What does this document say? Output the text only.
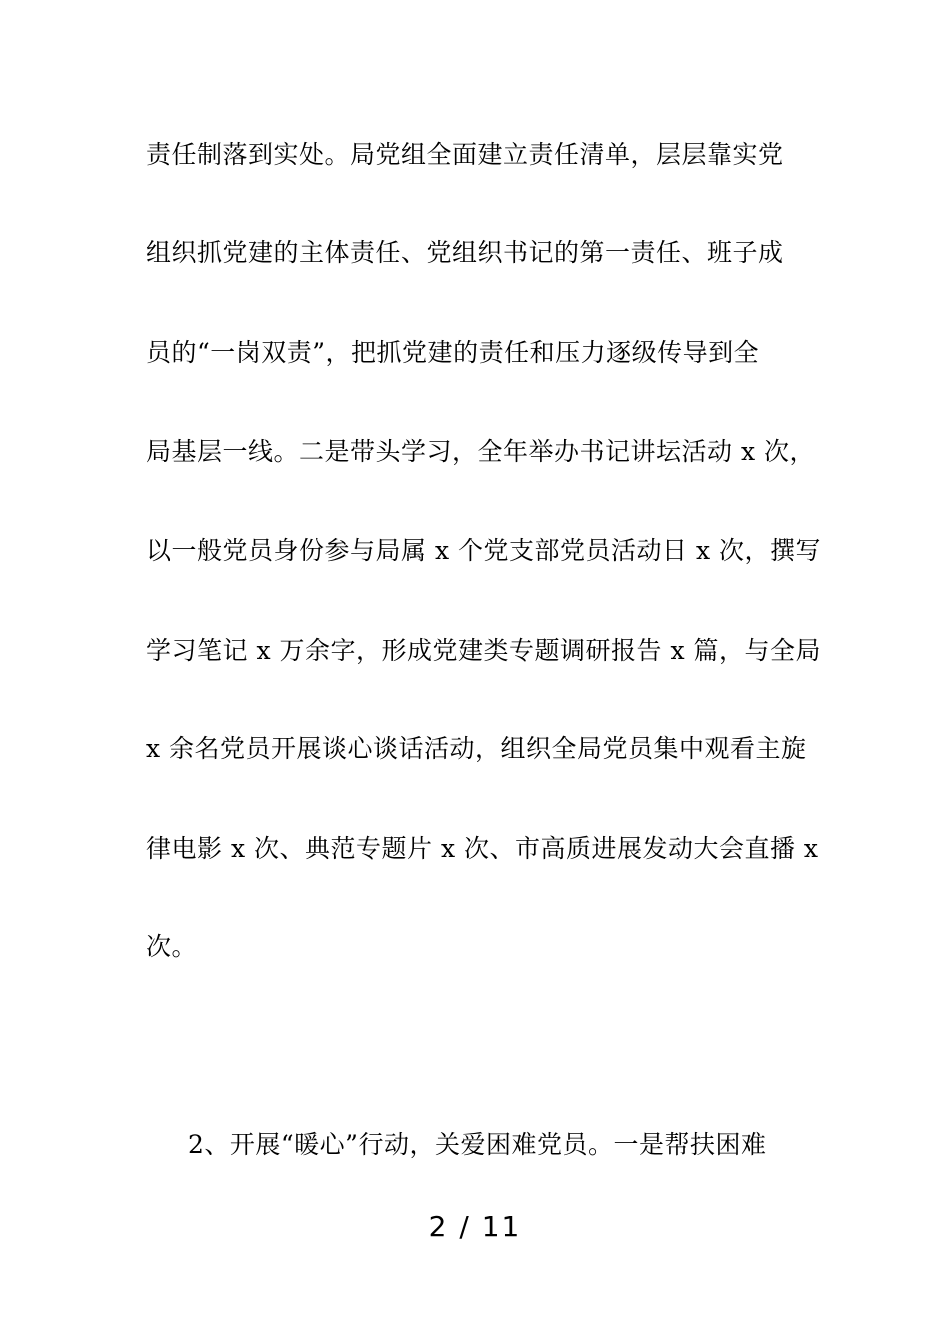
责任制落到实处。局党组全面建立责任清单，层层靠实党
组织抓党建的主体责任、党组织书记的第一责任、班子成
员的“一岗双责”，把抓党建的责任和压力逐级传导到全
局基层一线。二是带头学习，全年举办书记讲坛活动 x 次，
以一般党员身份参与局属 x 个党支部党员活动日 x 次，撰写
学习笔记 x 万余字，形成党建类专题调研报告 x 篇，与全局
x 余名党员开展谈心谈话活动，组织全局党员集中观看主旋
律电影 x 次、典范专题片 x 次、市高质进展发动大会直播 x
次。
2、开展“暖心”行动，关爱困难党员。一是帮扶困难
2 / 11
